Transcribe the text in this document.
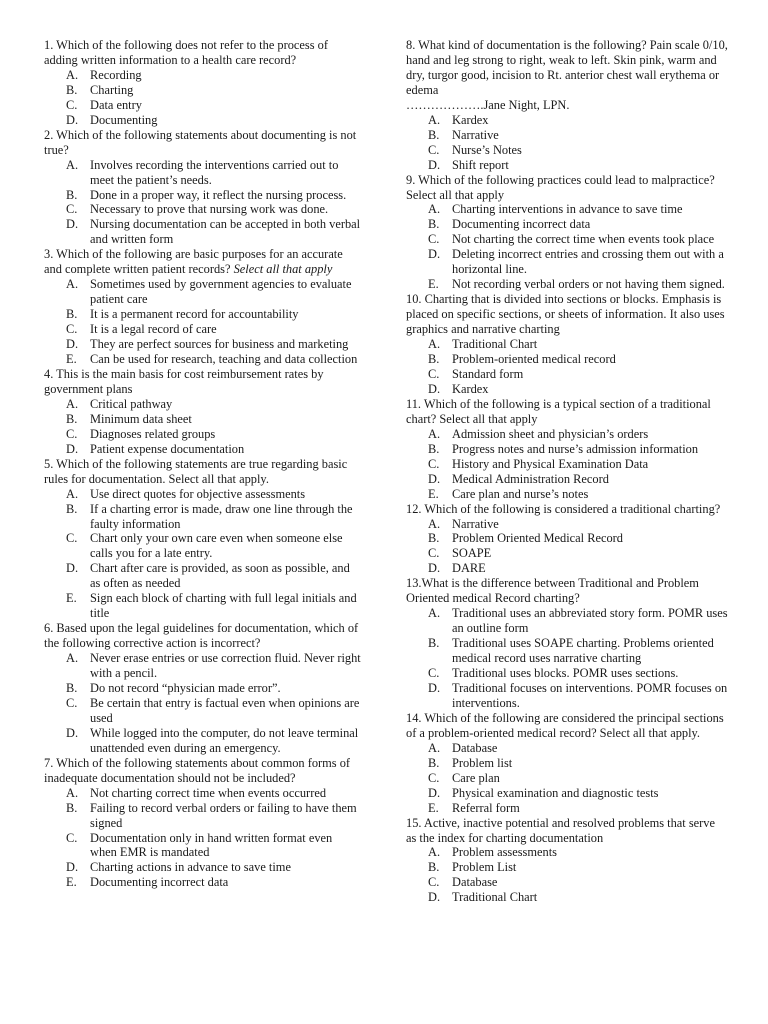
1. Which of the following does not refer to the process of adding written information to a health care record?

A. Recording
B.	Charting
C.	Data entry
D. Documenting

2. Which of the following statements about documenting is not true?

A. Involves recording the interventions carried out to meet the patient’s needs.
B.	Done in a proper way, it reflect the nursing process.
C.	Necessary to prove that nursing work was done.
D. Nursing documentation can be accepted in both verbal and written form

3. Which of the following are basic purposes for an accurate and complete written patient records? Select all that apply

A. Sometimes used by government agencies to evaluate patient care
B.	It is a permanent record for accountability
C.	It is a legal record of care
D. They are perfect sources for business and marketing
E.	Can be used for research, teaching and data collection

4. This is the main basis for cost reimbursement rates by government plans

A. Critical pathway
B.	Minimum data sheet
C.	Diagnoses related groups
D. Patient expense documentation

5. Which of the following statements are true regarding basic rules for documentation. Select all that apply.

A. Use direct quotes for objective assessments
B.	If a charting error is made, draw one line through the faulty information
C.	Chart only your own care even when someone else calls you for a late entry.
D. Chart after care is provided, as soon as possible, and as often as needed
E.	Sign each block of charting with full legal initials and title

6. Based upon the legal guidelines for documentation, which of the following corrective action is incorrect?

A. Never erase entries or use correction fluid. Never right with a pencil.
B.	Do not record “physician made error”.
C.	Be certain that entry is factual even when opinions are used
D. While logged into the computer, do not leave terminal unattended even during an emergency.

7. Which of the following statements about common forms of inadequate documentation should not be included?

A. Not charting correct time when events occurred
B.	Failing to record verbal orders or failing to have them signed
C.	Documentation only in hand written format even when EMR is mandated
D. Charting actions in advance to save time
E.	Documenting incorrect data

8. What kind of documentation is the following? Pain scale 0/10, hand and leg strong to right, weak to left. Skin pink, warm and dry, turgor good, incision to Rt. anterior chest wall erythema or edema
……………….Jane Night, LPN.

A. Kardex
B.	Narrative
C.	Nurse’s Notes
D. Shift report

9. Which of the following practices could lead to malpractice? Select all that apply

A. Charting interventions in advance to save time
B.	Documenting incorrect data
C.	Not charting the correct time when events took place
D. Deleting incorrect entries and crossing them out with a horizontal line.
E.	Not recording verbal orders or not having them signed.

10. Charting that is divided into sections or blocks. Emphasis is placed on specific sections, or sheets of information. It also uses graphics and narrative charting

A. Traditional Chart
B.	Problem-oriented medical record
C.	Standard form
D. Kardex

11. Which of the following is a typical section of a traditional chart? Select all that apply

A. Admission sheet and physician’s orders
B.	Progress notes and nurse’s admission information
C.	History and Physical Examination Data
D. Medical Administration Record
E.	Care plan and nurse’s notes

12. Which of the following is considered a traditional charting?

A. Narrative
B.	Problem Oriented Medical Record
C.	SOAPE
D. DARE

13.What is the difference between Traditional and Problem Oriented medical Record charting?

A. Traditional uses an abbreviated story form. POMR uses an outline form
B.	Traditional uses SOAPE charting. Problems oriented medical record uses narrative charting
C.	Traditional uses blocks. POMR uses sections.
D. Traditional focuses on interventions. POMR focuses on interventions.

14. Which of the following are considered the principal sections of a problem-oriented medical record? Select all that apply.

A. Database
B.	Problem list
C.	Care plan
D. Physical examination and diagnostic tests
E.	Referral form

15. Active, inactive potential and resolved problems that serve as the index for charting documentation

A. Problem assessments
B.	Problem List
C.	Database
D. Traditional Chart
